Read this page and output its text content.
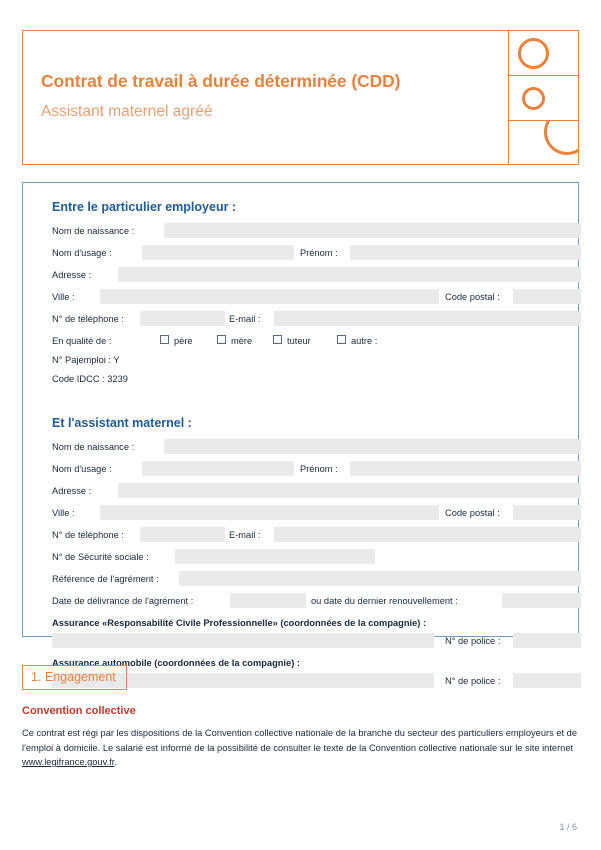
Contrat de travail à durée déterminée (CDD)
Assistant maternel agréé
Entre le particulier employeur :
Nom de naissance :
Nom d'usage :	Prénom :
Adresse :
Ville :	Code postal :
N° de téléphone :	E-mail :
En qualité de :	père	mère	tuteur	autre :
N° Pajemploi : Y
Code IDCC : 3239
Et l'assistant maternel :
Nom de naissance :
Nom d'usage :	Prénom :
Adresse :
Ville :	Code postal :
N° de téléphone :	E-mail :
N° de Sécurité sociale :
Référence de l'agrément :
Date de délivrance de l'agrément :	ou date du dernier renouvellement :
Assurance «Responsabilité Civile Professionnelle» (coordonnées de la compagnie) :
N° de police :
Assurance automobile (coordonnées de la compagnie) :
N° de police :
1. Engagement
Convention collective
Ce contrat est régi par les dispositions de la Convention collective nationale de la branche du secteur des particuliers employeurs et de l'emploi à domicile. Le salarié est informé de la possibilité de consulter le texte de la Convention collective nationale sur le site internet www.legifrance.gouv.fr.
1 / 6
